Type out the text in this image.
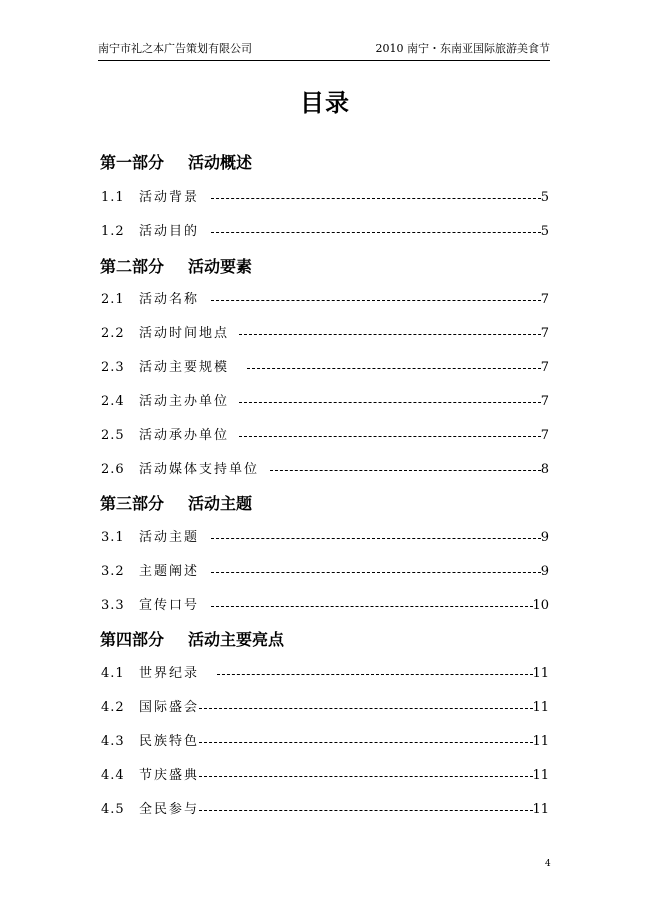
南宁市礼之本广告策划有限公司	2010 南宁・东南亚国际旅游美食节
目录
第一部分 活动概述
1.1 活动背景	5
1.2 活动目的	5
第二部分 活动要素
2.1 活动名称	7
2.2 活动时间地点	7
2.3 活动主要规模	7
2.4 活动主办单位	7
2.5 活动承办单位	7
2.6 活动媒体支持单位	8
第三部分 活动主题
3.1 活动主题	9
3.2 主题阐述	9
3.3 宣传口号	10
第四部分 活动主要亮点
4.1 世界纪录	11
4.2 国际盛会	11
4.3 民族特色	11
4.4 节庆盛典	11
4.5 全民参与	11
4
